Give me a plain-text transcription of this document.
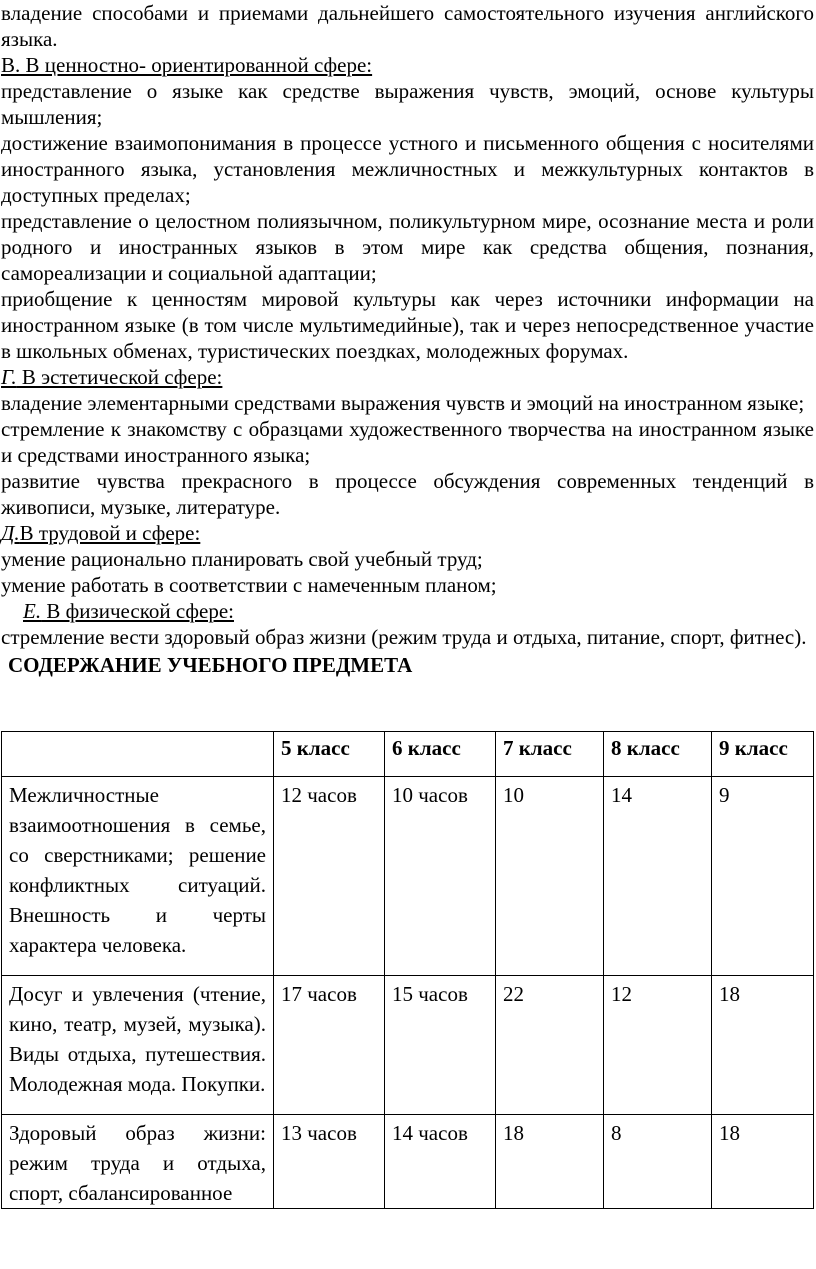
владение способами и приемами дальнейшего самостоятельного изучения английского языка.

В. В ценностно- ориентированной сфере:

представление о языке как средстве выражения чувств, эмоций, основе культуры мышления;

достижение взаимопонимания в процессе устного и письменного общения с носителями иностранного языка, установления межличностных и межкультурных контактов в доступных пределах;

представление о целостном полиязычном, поликультурном мире, осознание места и роли родного и иностранных языков в этом мире как средства общения, познания, самореализации и социальной адаптации;

приобщение к ценностям мировой культуры как через источники информации на иностранном языке (в том числе мультимедийные), так и через непосредственное участие в школьных обменах, туристических поездках, молодежных форумах.

Г. В эстетической сфере:

владение элементарными средствами выражения чувств и эмоций на иностранном языке;

стремление к знакомству с образцами художественного творчества на иностранном языке и средствами иностранного языка;

развитие чувства прекрасного в процессе обсуждения современных тенденций в живописи, музыке, литературе.

Д.В трудовой и сфере:

умение рационально планировать свой учебный труд;

умение работать в соответствии с намеченным планом;

Е. В физической сфере:

стремление вести здоровый образ жизни (режим труда и отдыха, питание, спорт, фитнес).

СОДЕРЖАНИЕ УЧЕБНОГО ПРЕДМЕТА

	5 класс	6 класс	7 класс	8 класс	9 класс
Межличностные взаимоотношения в семье, со сверстниками; решение конфликтных ситуаций. Внешность и черты характера человека.	12 часов	10 часов	10	14	9
Досуг и увлечения (чтение, кино, театр, музей, музыка). Виды отдыха, путешествия. Молодежная мода. Покупки.	17 часов	15 часов	22	12	18
Здоровый образ жизни: режим труда и отдыха, спорт, сбалансированное	13 часов	14 часов	18	8	18
